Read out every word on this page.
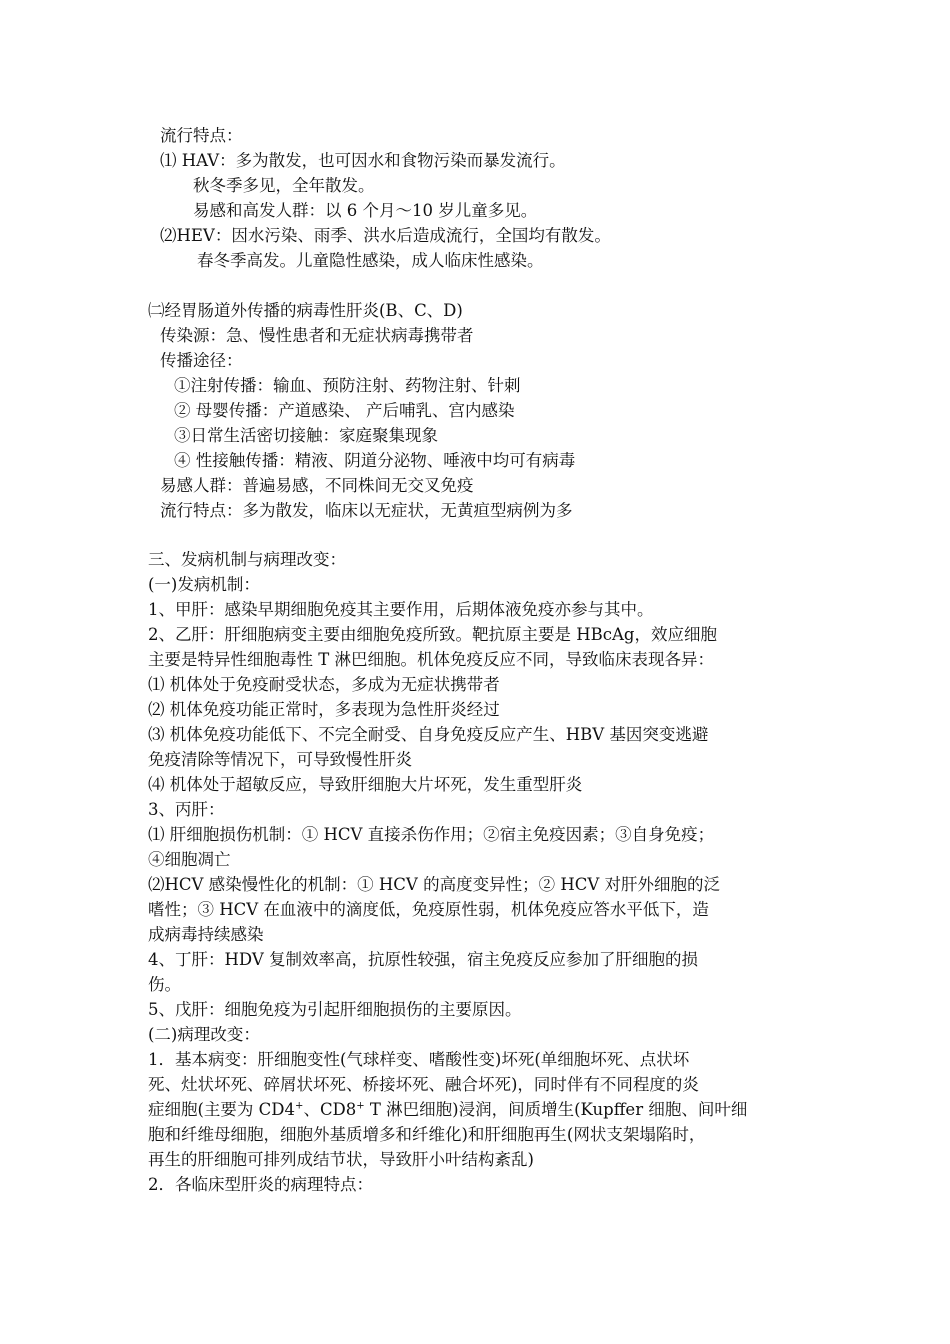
流行特点：
⑴ HAV：多为散发，也可因水和食物污染而暴发流行。
秋冬季多见，全年散发。
易感和高发人群：以 6 个月～10 岁儿童多见。
⑵HEV：因水污染、雨季、洪水后造成流行，全国均有散发。
春冬季高发。儿童隐性感染，成人临床性感染。
㈡经胃肠道外传播的病毒性肝炎(B、C、D)
传染源：急、慢性患者和无症状病毒携带者
传播途径：
①注射传播：输血、预防注射、药物注射、针刺
② 母婴传播：产道感染、 产后哺乳、宫内感染
③日常生活密切接触：家庭聚集现象
④ 性接触传播：精液、阴道分泌物、唾液中均可有病毒
易感人群：普遍易感，不同株间无交叉免疫
流行特点：多为散发，临床以无症状，无黄疸型病例为多
三、发病机制与病理改变：
(一)发病机制：
1、甲肝：感染早期细胞免疫其主要作用，后期体液免疫亦参与其中。
2、乙肝：肝细胞病变主要由细胞免疫所致。靶抗原主要是 HBcAg，效应细胞
主要是特异性细胞毒性 T 淋巴细胞。机体免疫反应不同，导致临床表现各异：
⑴ 机体处于免疫耐受状态，多成为无症状携带者
⑵ 机体免疫功能正常时，多表现为急性肝炎经过
⑶ 机体免疫功能低下、不完全耐受、自身免疫反应产生、HBV 基因突变逃避
免疫清除等情况下，可导致慢性肝炎
⑷ 机体处于超敏反应，导致肝细胞大片坏死，发生重型肝炎
3、丙肝：
⑴ 肝细胞损伤机制：① HCV 直接杀伤作用；②宿主免疫因素；③自身免疫；
④细胞凋亡
⑵HCV 感染慢性化的机制：① HCV 的高度变异性；② HCV 对肝外细胞的泛
嗜性；③ HCV 在血液中的滴度低，免疫原性弱，机体免疫应答水平低下，造
成病毒持续感染
4、丁肝：HDV 复制效率高，抗原性较强，宿主免疫反应参加了肝细胞的损
伤。
5、戊肝：细胞免疫为引起肝细胞损伤的主要原因。
(二)病理改变：
1．基本病变：肝细胞变性(气球样变、嗜酸性变)坏死(单细胞坏死、点状坏
死、灶状坏死、碎屑状坏死、桥接坏死、融合坏死)，同时伴有不同程度的炎
症细胞(主要为 CD4+、CD8+ T 淋巴细胞)浸润，间质增生(Kupffer 细胞、间叶细
胞和纤维母细胞，细胞外基质增多和纤维化)和肝细胞再生(网状支架塌陷时，
再生的肝细胞可排列成结节状，导致肝小叶结构紊乱)
2．各临床型肝炎的病理特点：
